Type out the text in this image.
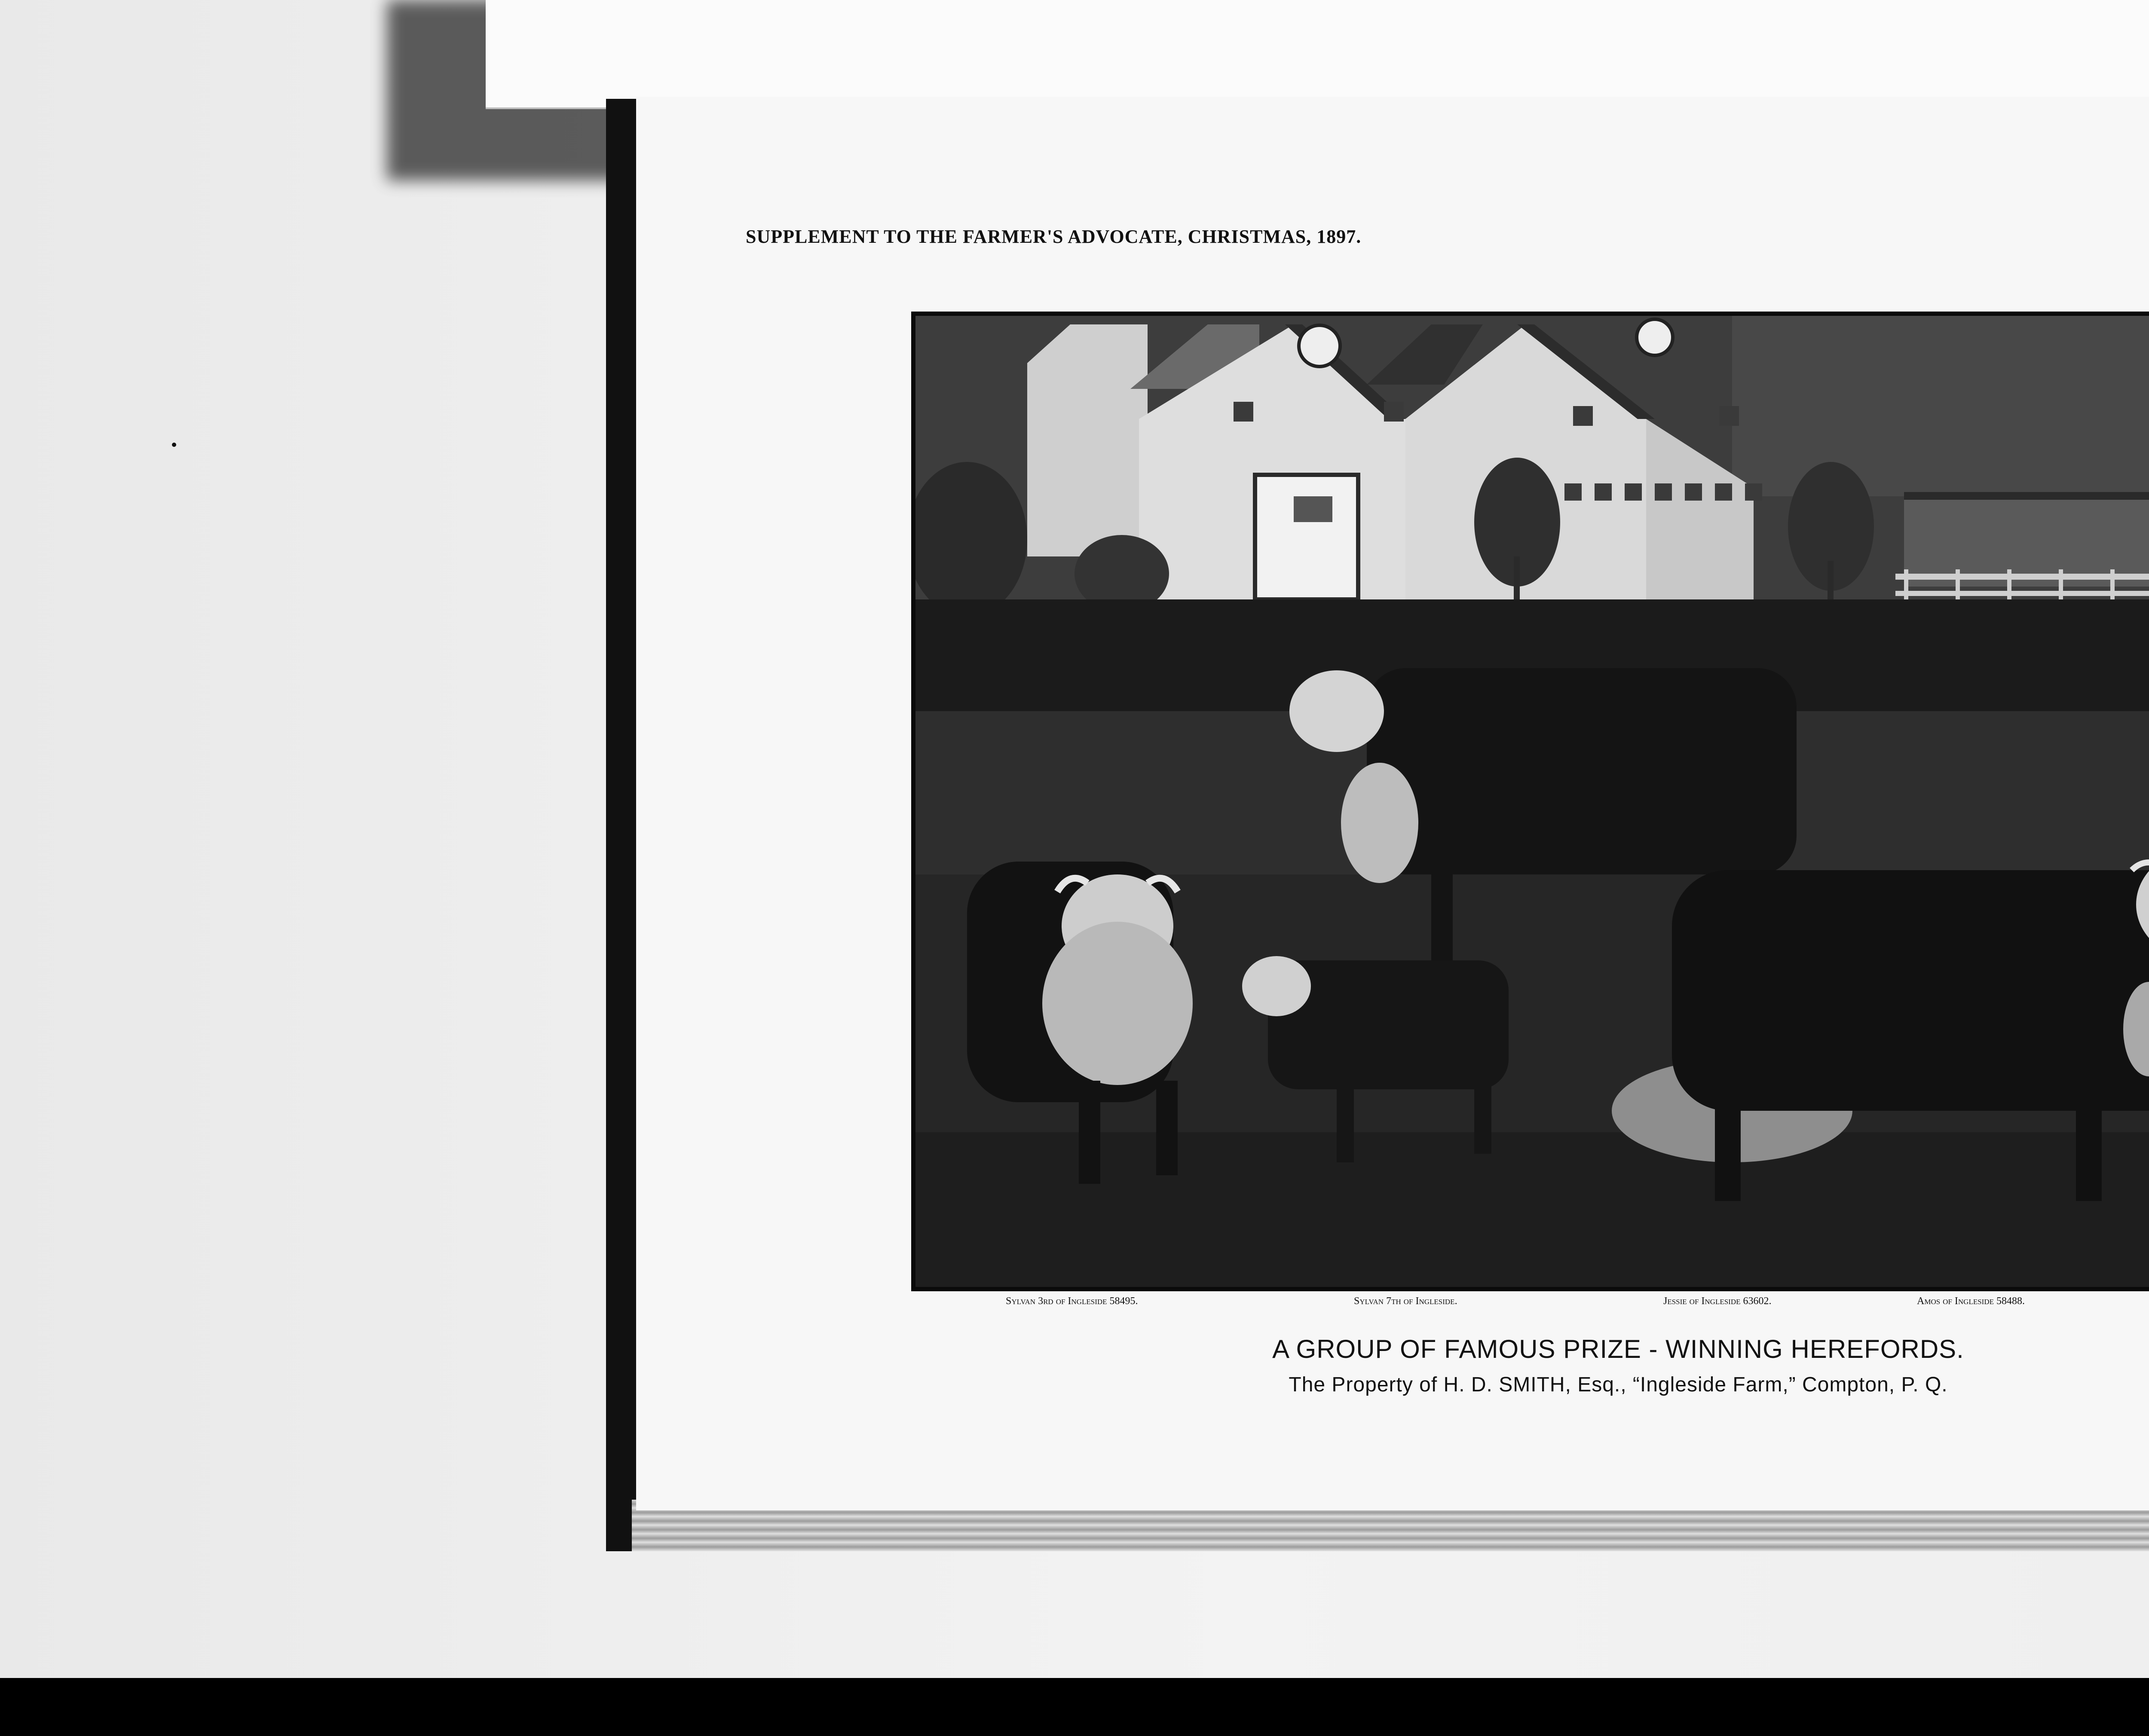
SUPPLEMENT TO THE FARMER'S ADVOCATE, CHRISTMAS, 1897.
Sylvan 3rd of Ingleside 58495.	Sylvan 7th of Ingleside.	Jessie of Ingleside 63602.	Amos of Ingleside 58488.
A GROUP OF FAMOUS PRIZE - WINNING HEREFORDS.
The Property of H. D. SMITH, Esq., “Ingleside Farm,” Compton, P. Q.
